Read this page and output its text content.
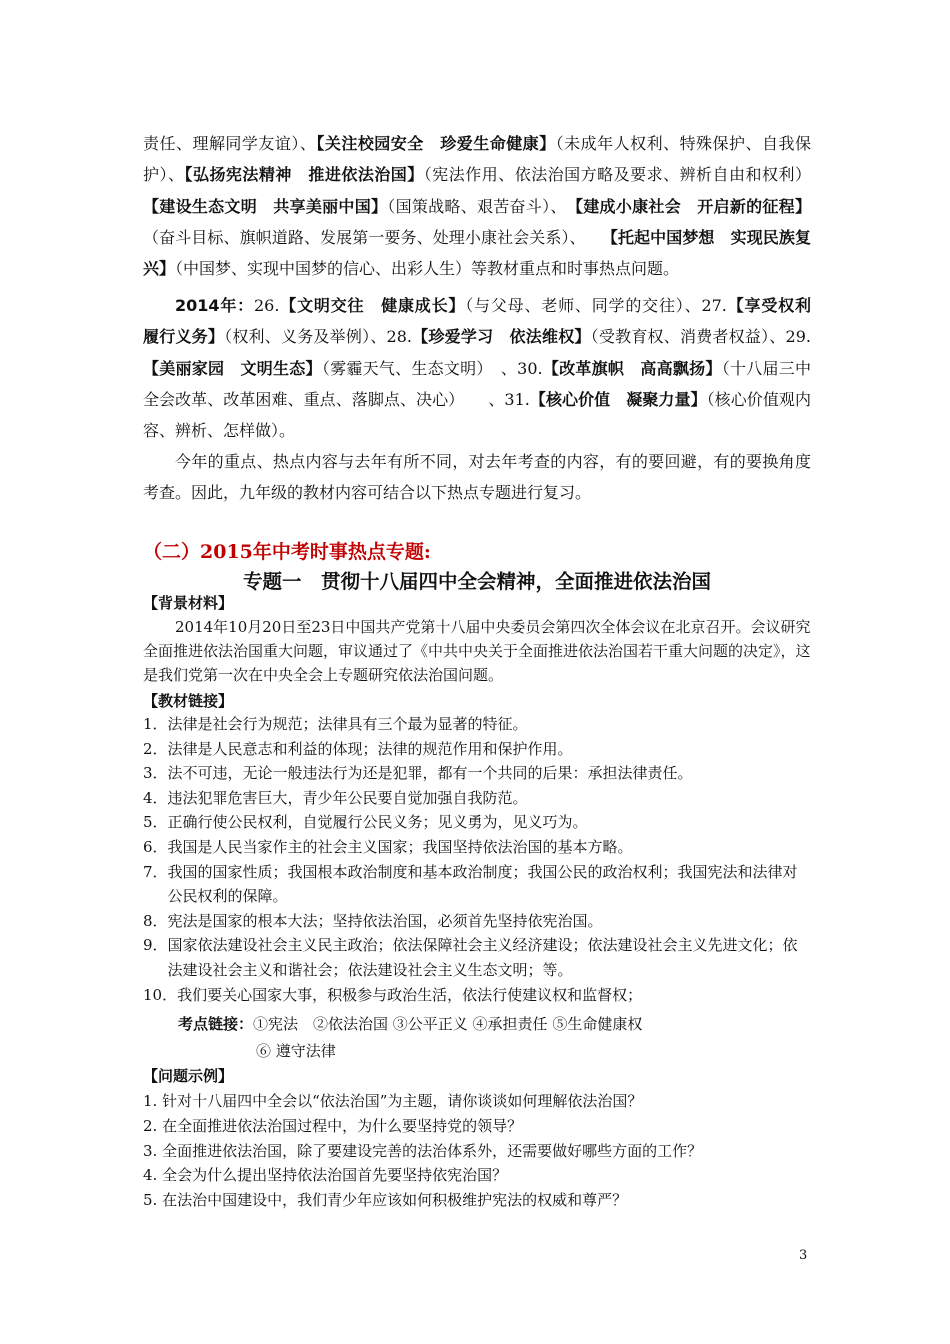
责任、理解同学友谊）、【关注校园安全　珍爱生命健康】（未成年人权利、特殊保护、自我保护）、【弘扬宪法精神　推进依法治国】（宪法作用、依法治国方略及要求、辨析自由和权利）【建设生态文明　共享美丽中国】（国策战略、艰苦奋斗）、　【建成小康社会　开启新的征程】（奋斗目标、旗帜道路、发展第一要务、处理小康社会关系）、　　【托起中国梦想　实现民族复兴】（中国梦、实现中国梦的信心、出彩人生）等教材重点和时事热点问题。
2014年：26.【文明交往　健康成长】（与父母、老师、同学的交往）、27.【享受权利　履行义务】（权利、义务及举例）、28.【珍爱学习　依法维权】（受教育权、消费者权益）、29.【美丽家园　文明生态】（雾霾天气、生态文明）　、30.【改革旗帜　高高飘扬】（十八届三中全会改革、改革困难、重点、落脚点、决心）　　、31.【核心价值　凝聚力量】（核心价值观内容、辨析、怎样做）。
今年的重点、热点内容与去年有所不同，对去年考查的内容，有的要回避，有的要换角度考查。因此，九年级的教材内容可结合以下热点专题进行复习。
（二）2015年中考时事热点专题:
专题一　贯彻十八届四中全会精神，全面推进依法治国
【背景材料】
2014年10月20日至23日中国共产党第十八届中央委员会第四次全体会议在北京召开。会议研究全面推进依法治国重大问题，审议通过了《中共中央关于全面推进依法治国若干重大问题的决定》，这是我们党第一次在中央全会上专题研究依法治国问题。
【教材链接】
1． 法律是社会行为规范；法律具有三个最为显著的特征。
2． 法律是人民意志和利益的体现；法律的规范作用和保护作用。
3． 法不可违，无论一般违法行为还是犯罪，都有一个共同的后果：承担法律责任。
4． 违法犯罪危害巨大，青少年公民要自觉加强自我防范。
5． 正确行使公民权利，自觉履行公民义务；见义勇为，见义巧为。
6． 我国是人民当家作主的社会主义国家；我国坚持依法治国的基本方略。
7． 我国的国家性质；我国根本政治制度和基本政治制度；我国公民的政治权利；我国宪法和法律对公民权利的保障。
8． 宪法是国家的根本大法；坚持依法治国，必须首先坚持依宪治国。
9． 国家依法建设社会主义民主政治；依法保障社会主义经济建设；依法建设社会主义先进文化；依法建设社会主义和谐社会；依法建设社会主义生态文明；等。
10． 我们要关心国家大事，积极参与政治生活，依法行使建议权和监督权；
考点链接：①宪法　②依法治国 ③公平正义 ④承担责任 ⑤生命健康权
⑥ 遵守法律
【问题示例】
1. 针对十八届四中全会以“依法治国”为主题，请你谈谈如何理解依法治国？
2. 在全面推进依法治国过程中，为什么要坚持党的领导？
3. 全面推进依法治国，除了要建设完善的法治体系外，还需要做好哪些方面的工作？
4. 全会为什么提出坚持依法治国首先要坚持依宪治国？
5. 在法治中国建设中，我们青少年应该如何积极维护宪法的权威和尊严？
3
